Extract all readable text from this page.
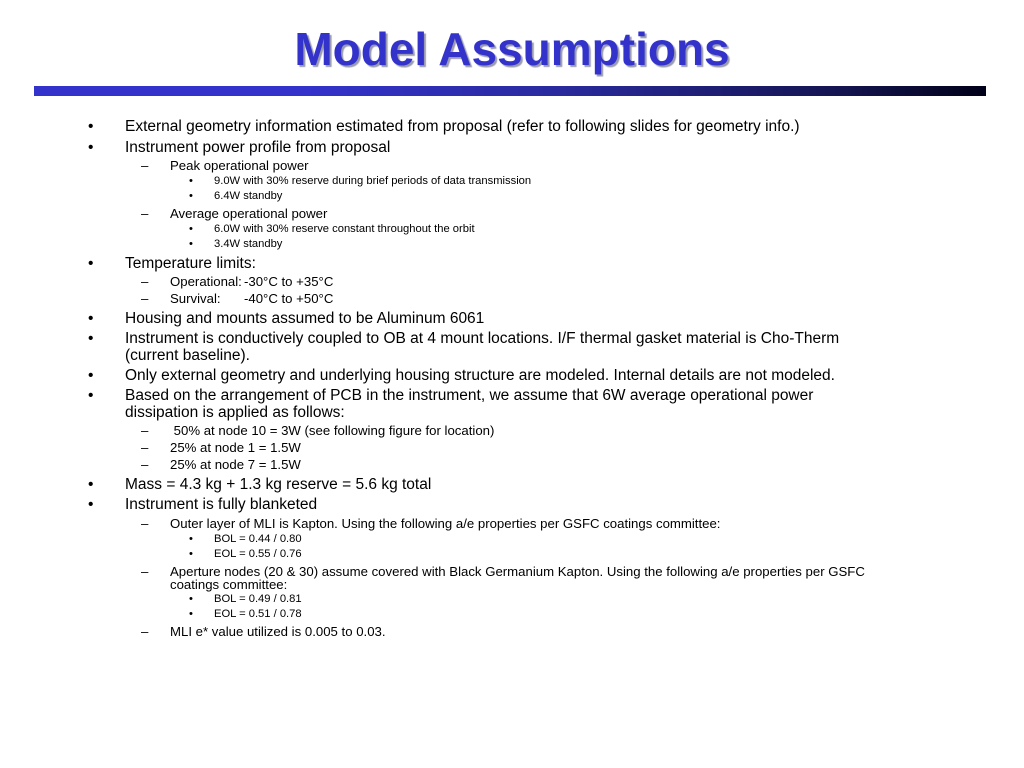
Model Assumptions
• External geometry information estimated from proposal (refer to following slides for geometry info.)
• Instrument power profile from proposal
– Peak operational power
• 9.0W with 30% reserve during brief periods of data transmission
• 6.4W standby
– Average operational power
• 6.0W with 30% reserve constant throughout the orbit
• 3.4W standby
• Temperature limits:
– Operational: -30°C to +35°C
– Survival: -40°C to +50°C
• Housing and mounts assumed to be Aluminum 6061
• Instrument is conductively coupled to OB at 4 mount locations. I/F thermal gasket material is Cho-Therm
(current baseline).
• Only external geometry and underlying housing structure are modeled. Internal details are not modeled.
• Based on the arrangement of PCB in the instrument, we assume that 6W average operational power
dissipation is applied as follows:
– 50% at node 10 = 3W (see following figure for location)
– 25% at node 1 = 1.5W
– 25% at node 7 = 1.5W
• Mass = 4.3 kg + 1.3 kg reserve = 5.6 kg total
• Instrument is fully blanketed
– Outer layer of MLI is Kapton. Using the following a/e properties per GSFC coatings committee:
• BOL = 0.44 / 0.80
• EOL = 0.55 / 0.76
– Aperture nodes (20 & 30) assume covered with Black Germanium Kapton. Using the following a/e properties per GSFC
coatings committee:
• BOL = 0.49 / 0.81
• EOL = 0.51 / 0.78
– MLI e* value utilized is 0.005 to 0.03.
